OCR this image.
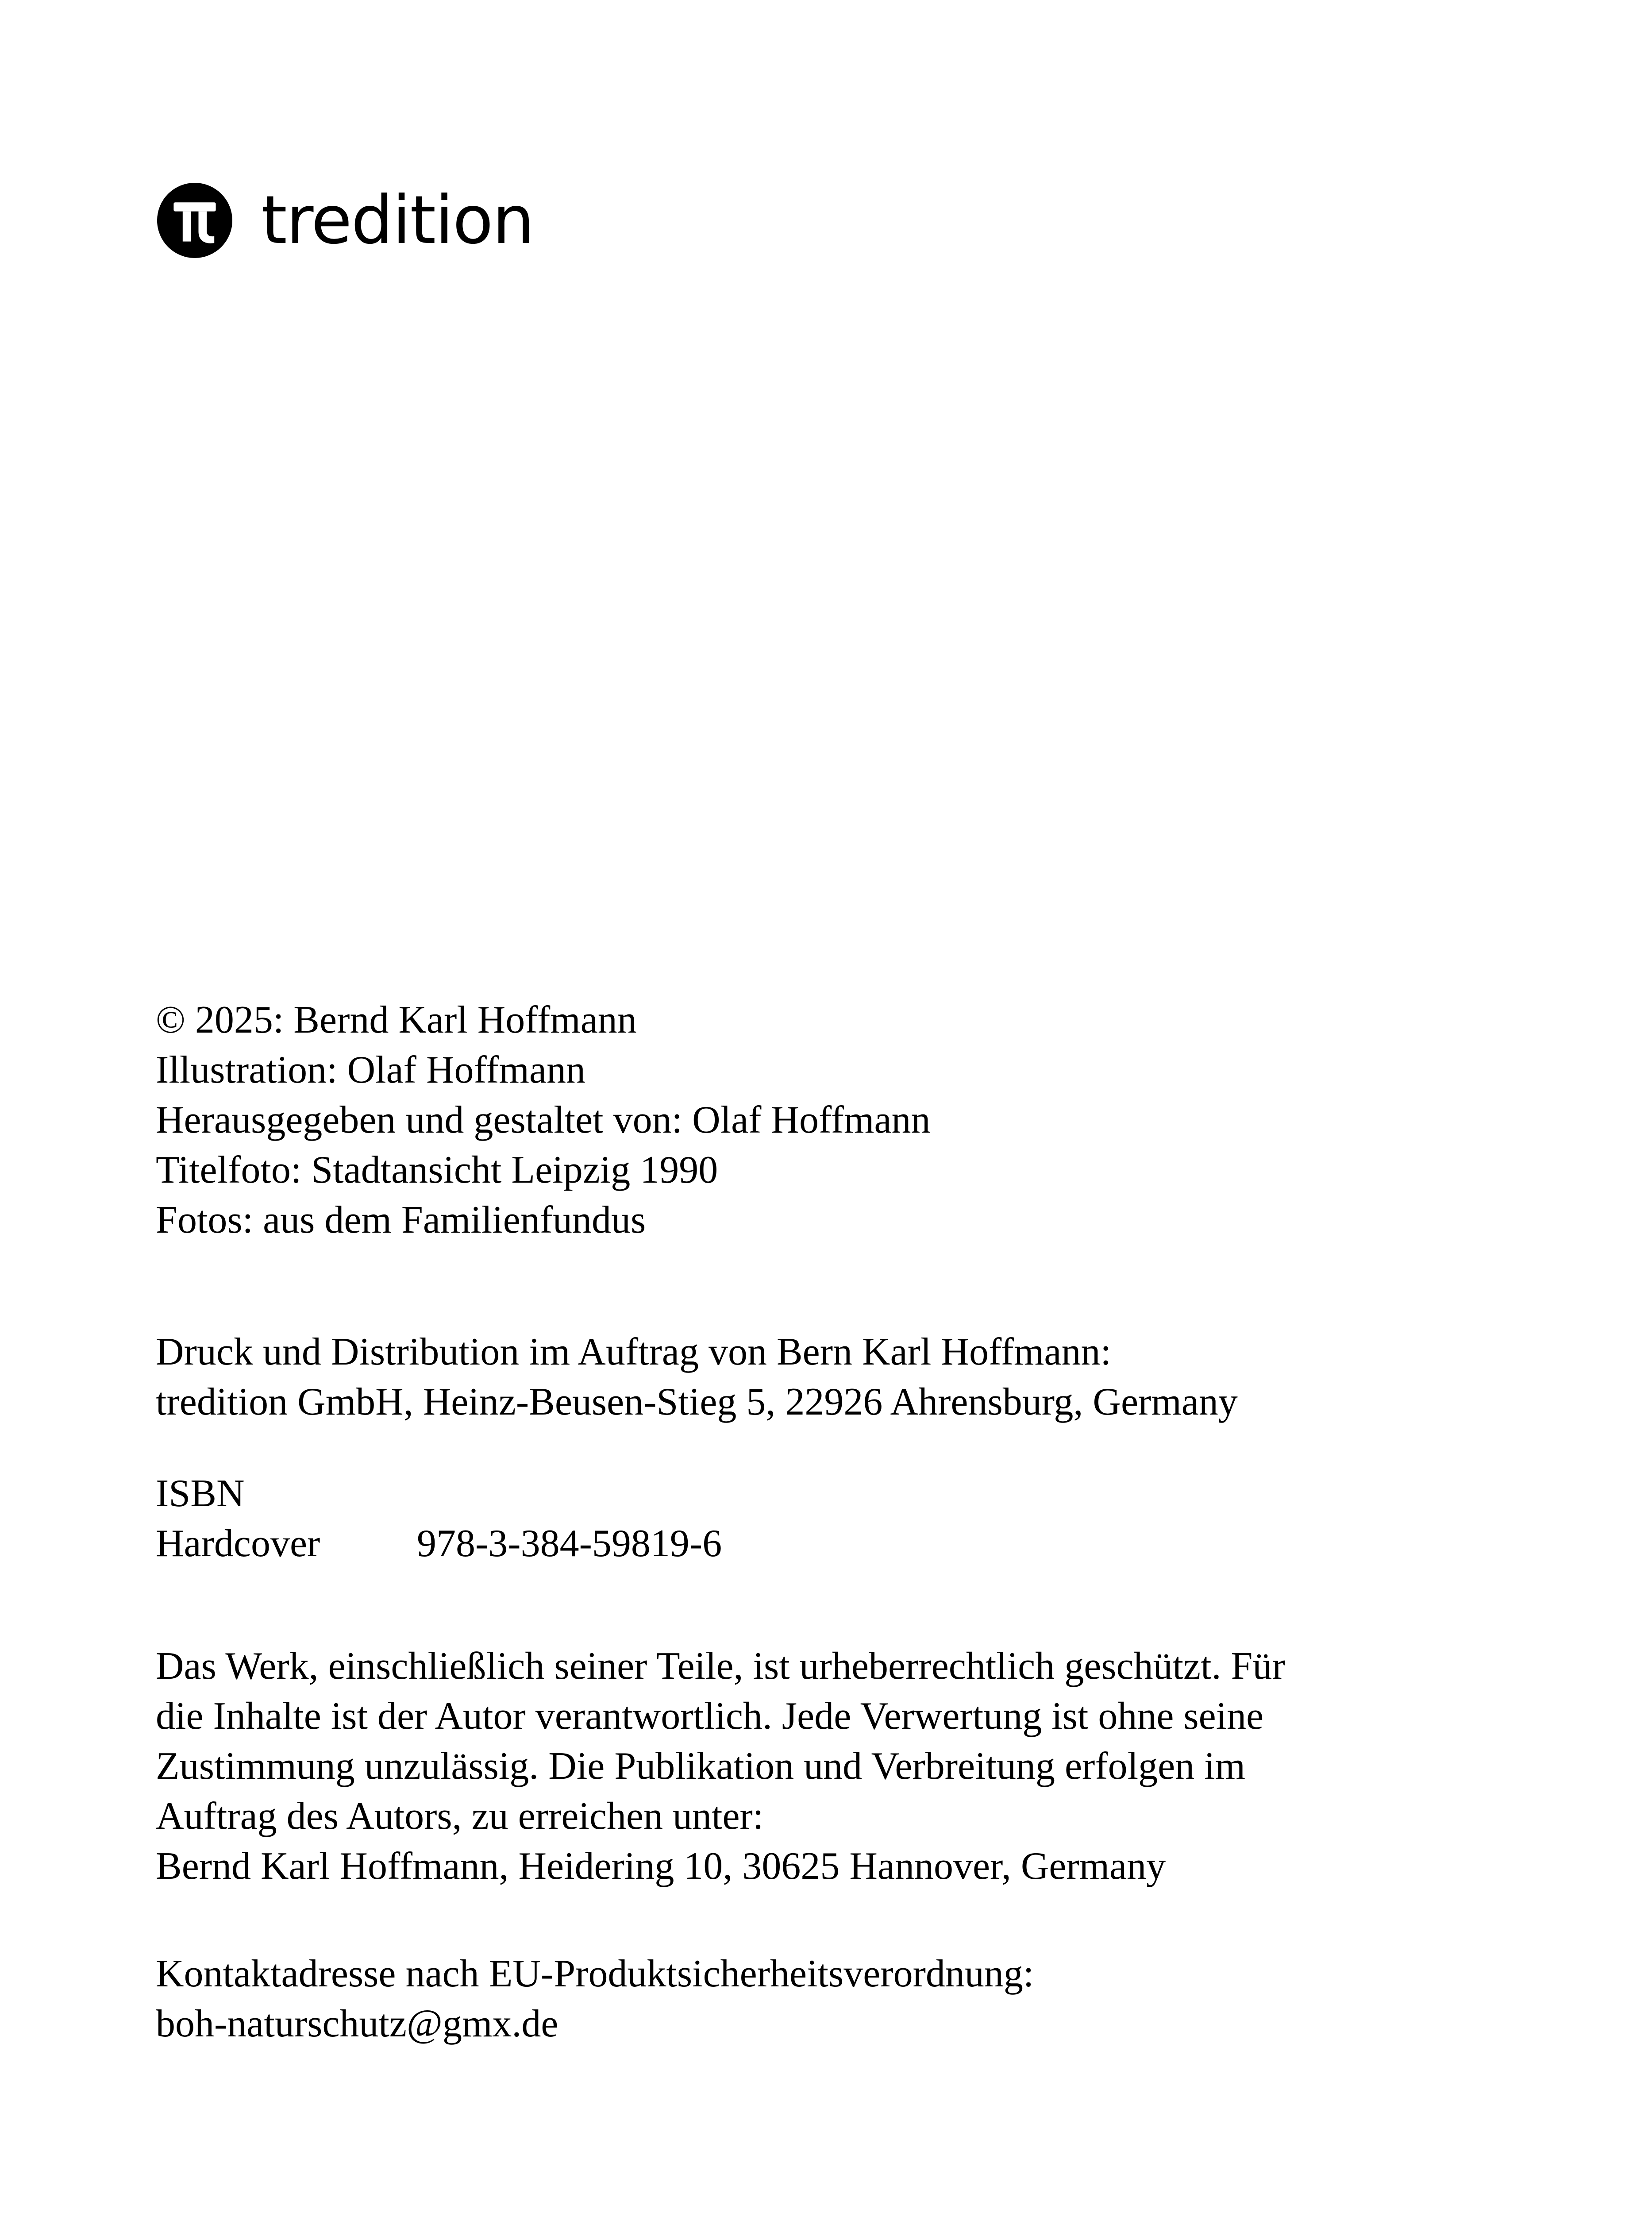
tredition
© 2025: Bernd Karl Hoffmann
Illustration: Olaf Hoffmann
Herausgegeben und gestaltet von: Olaf Hoffmann
Titelfoto: Stadtansicht Leipzig 1990
Fotos: aus dem Familienfundus
Druck und Distribution im Auftrag von Bern Karl Hoffmann:
tredition GmbH, Heinz-Beusen-Stieg 5, 22926 Ahrensburg, Germany
ISBN
Hardcover	978-3-384-59819-6
Das Werk, einschließlich seiner Teile, ist urheberrechtlich geschützt. Für
die Inhalte ist der Autor verantwortlich. Jede Verwertung ist ohne seine
Zustimmung unzulässig. Die Publikation und Verbreitung erfolgen im
Auftrag des Autors, zu erreichen unter:
Bernd Karl Hoffmann, Heidering 10, 30625 Hannover, Germany
Kontaktadresse nach EU-Produktsicherheitsverordnung:
boh-naturschutz@gmx.de
